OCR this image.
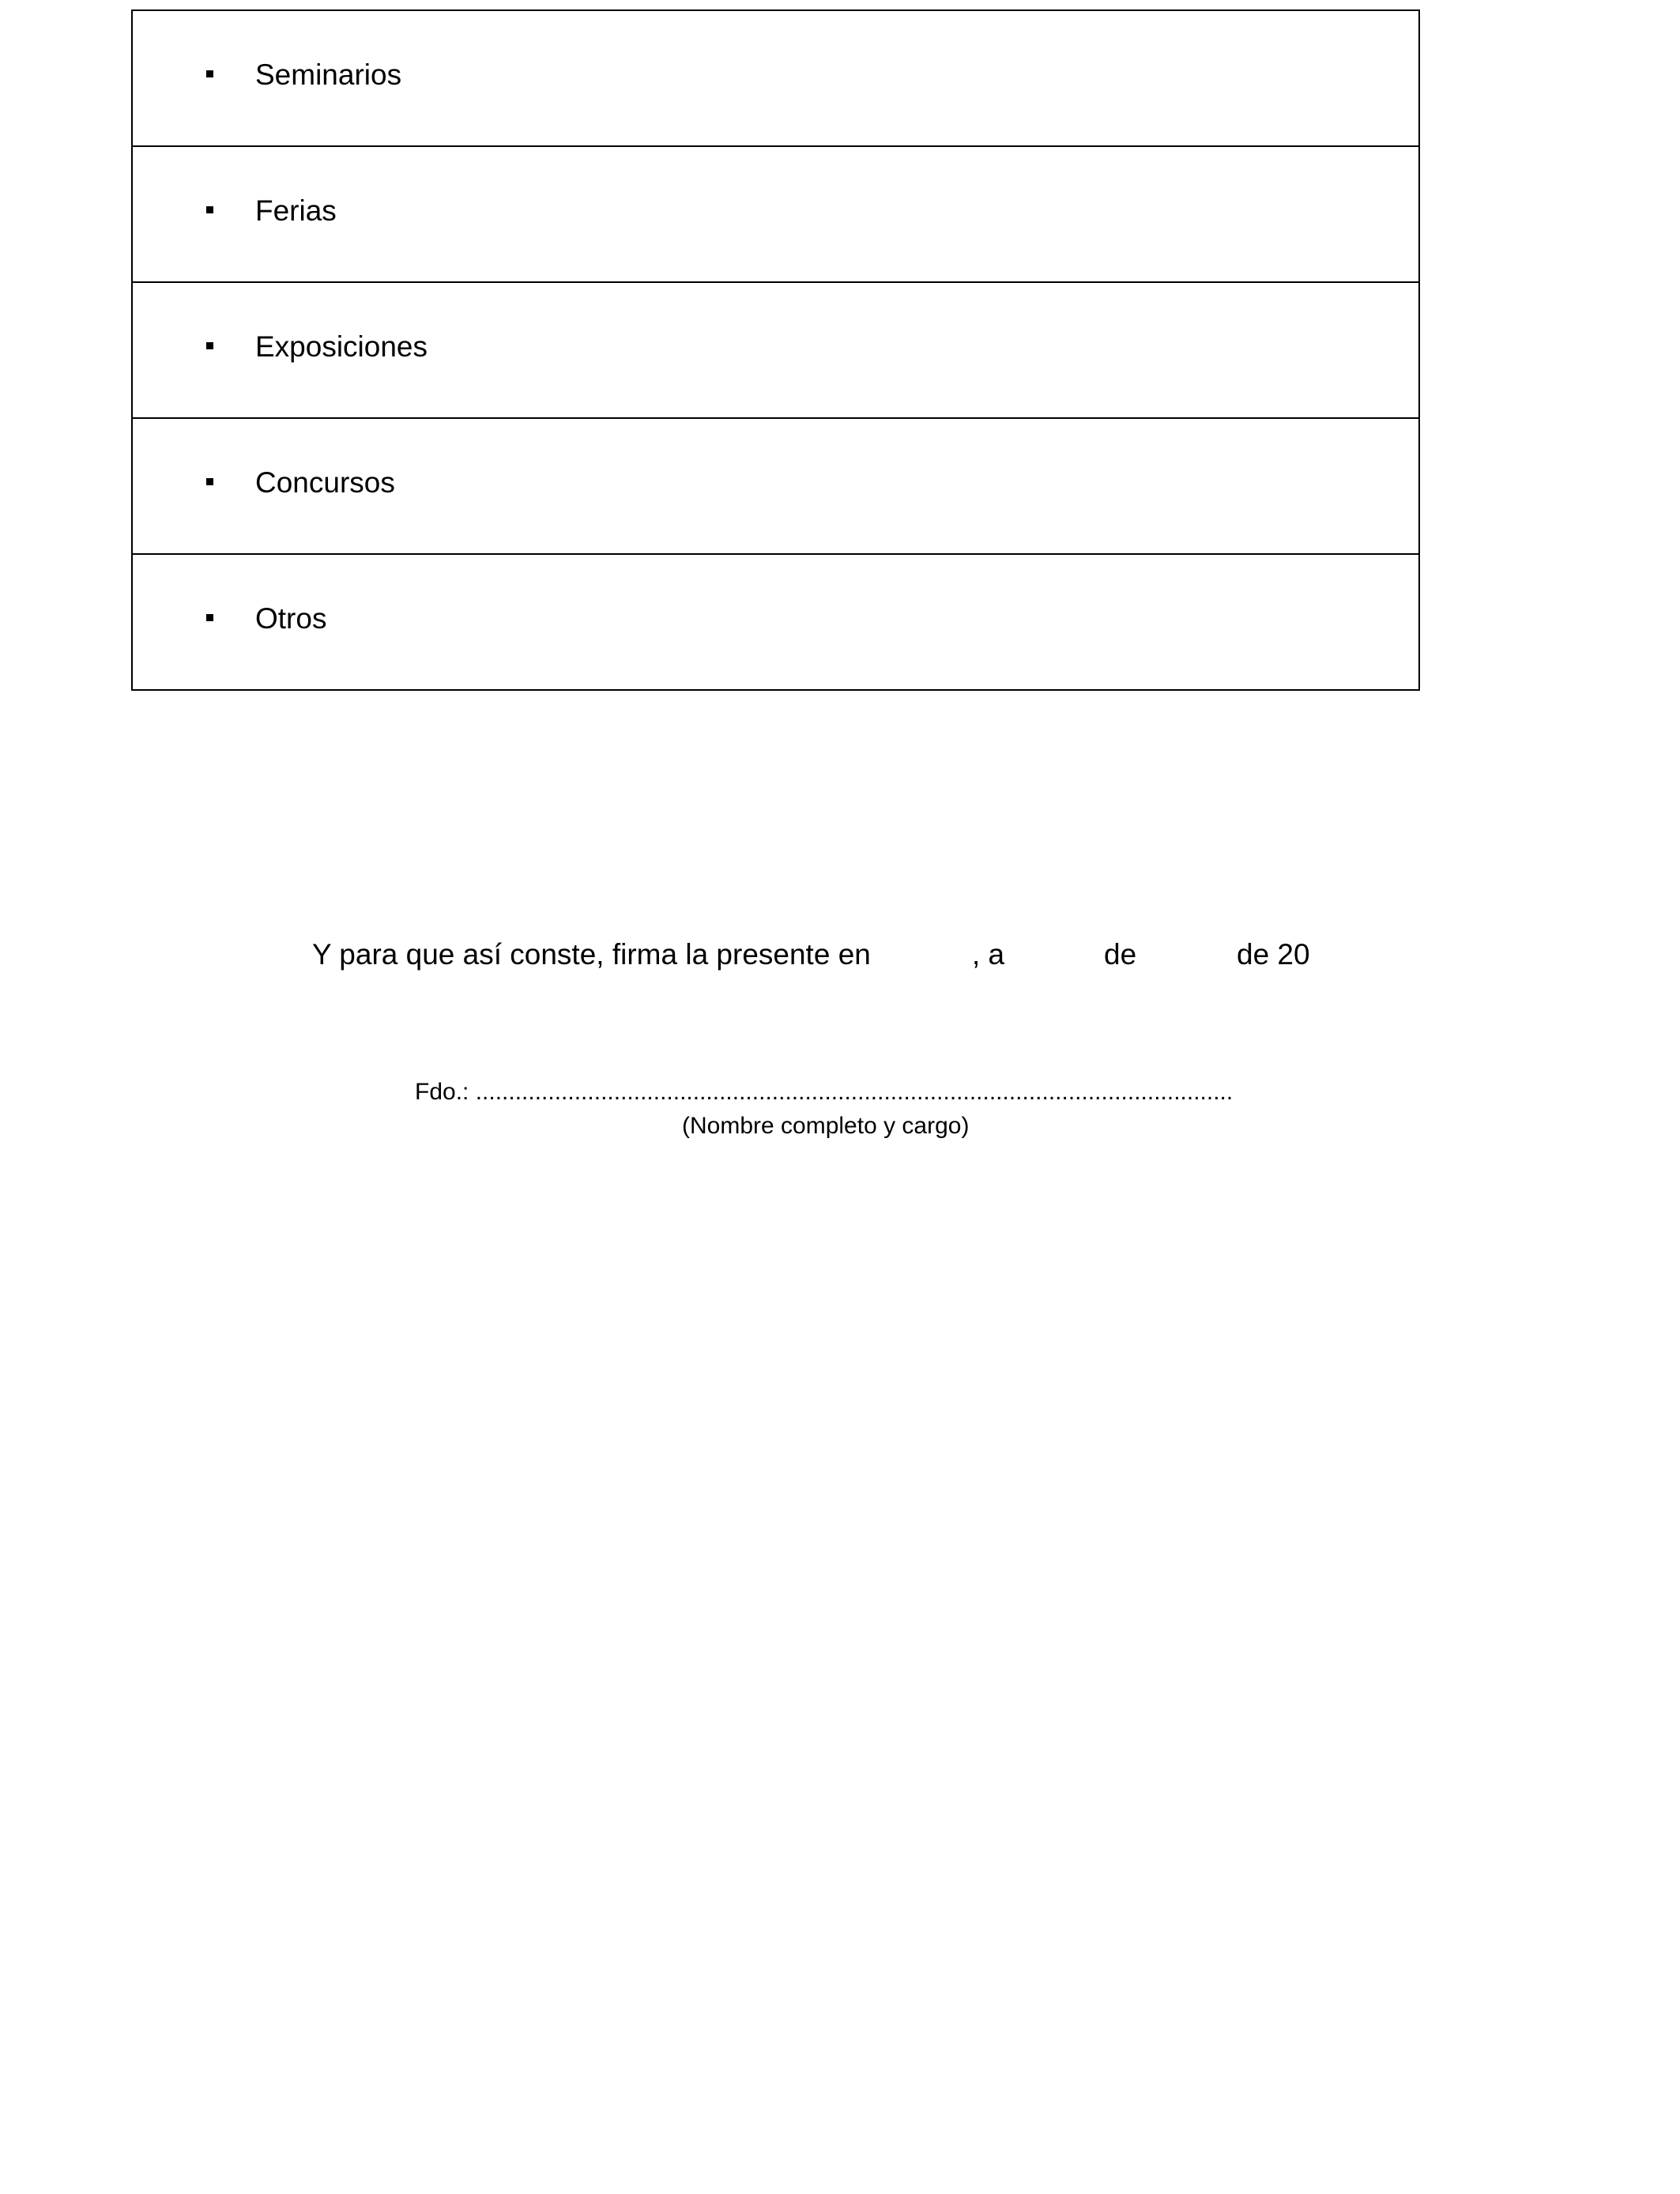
Seminarios
Ferias
Exposiciones
Concursos
Otros
Y para que así conste, firma la presente en	, a	de	de 20
Fdo.: ...................................................................................................................
(Nombre completo y cargo)
